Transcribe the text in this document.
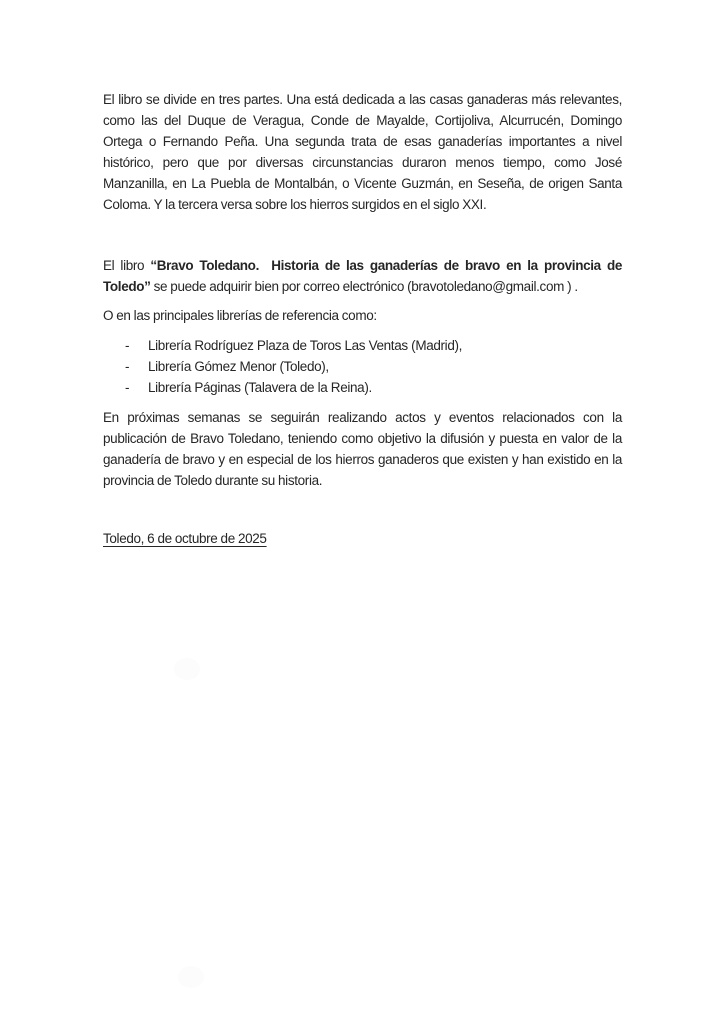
El libro se divide en tres partes. Una está dedicada a las casas ganaderas más relevantes, como las del Duque de Veragua, Conde de Mayalde, Cortijoliva, Alcurrucén, Domingo Ortega o Fernando Peña. Una segunda trata de esas ganaderías importantes a nivel histórico, pero que por diversas circunstancias duraron menos tiempo, como José Manzanilla, en La Puebla de Montalbán, o Vicente Guzmán, en Seseña, de origen Santa Coloma. Y la tercera versa sobre los hierros surgidos en el siglo XXI.

El libro “Bravo Toledano.  Historia de las ganaderías de bravo en la provincia de Toledo” se puede adquirir bien por correo electrónico (bravotoledano@gmail.com ) .

O en las principales librerías de referencia como:

- Librería Rodríguez Plaza de Toros Las Ventas (Madrid),
- Librería Gómez Menor (Toledo),
- Librería Páginas (Talavera de la Reina).

En próximas semanas se seguirán realizando actos y eventos relacionados con la publicación de Bravo Toledano, teniendo como objetivo la difusión y puesta en valor de la ganadería de bravo y en especial de los hierros ganaderos que existen y han existido en la provincia de Toledo durante su historia.

Toledo, 6 de octubre de 2025
